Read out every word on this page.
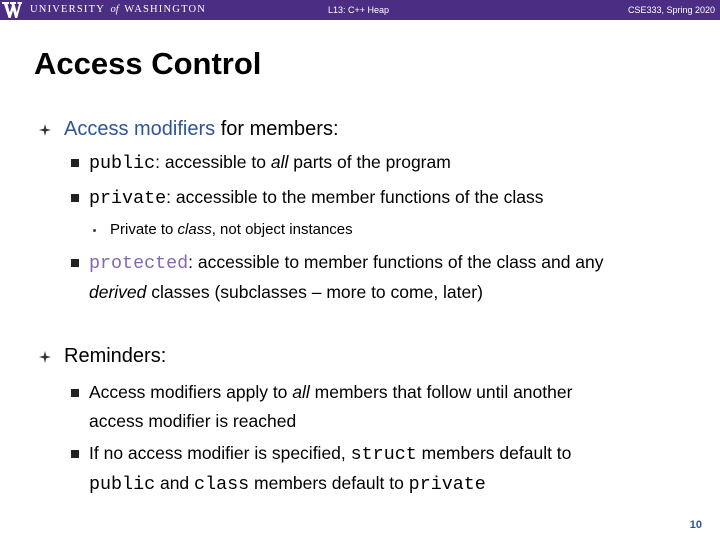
UNIVERSITY of WASHINGTON	L13: C++ Heap	CSE333, Spring 2020
Access Control
Access modifiers for members:
public: accessible to all parts of the program
private: accessible to the member functions of the class
Private to class, not object instances
protected: accessible to member functions of the class and any
derived classes (subclasses – more to come, later)
Reminders:
Access modifiers apply to all members that follow until another
access modifier is reached
If no access modifier is specified, struct members default to
public and class members default to private
10
